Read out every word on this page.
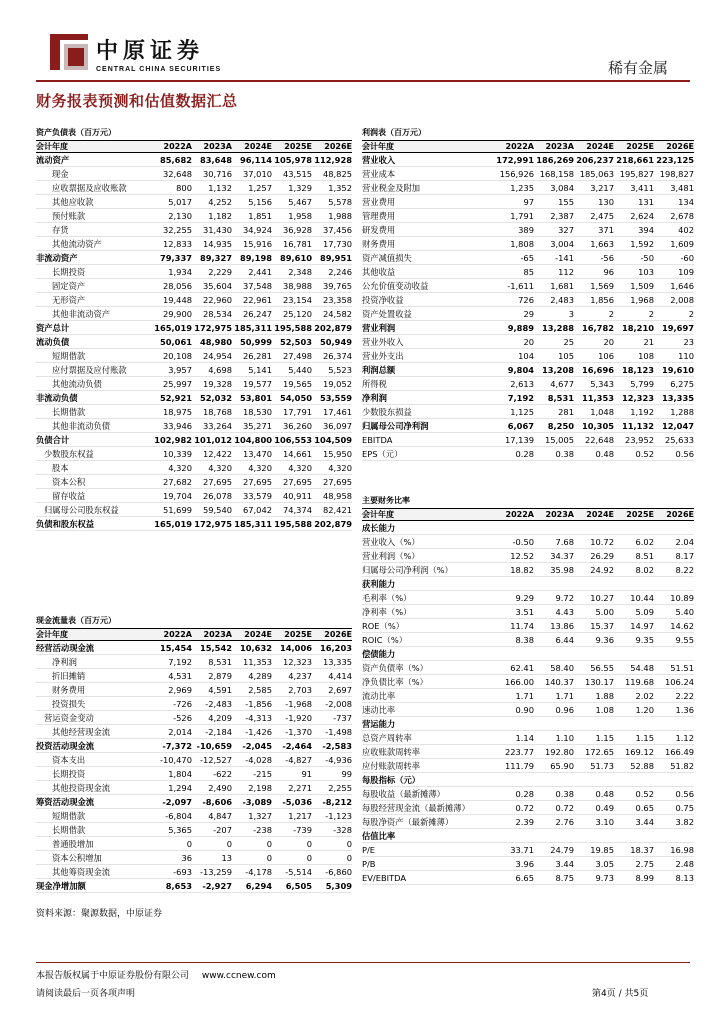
中原证券
CENTRAL CHINA SECURITIES	稀有金属
财务报表预测和估值数据汇总
资产负债表（百万元）
会计年度	2022A	2023A	2024E	2025E	2026E
流动资产	85,682 83,648 96,114 105,978 112,928
现金	32,648	30,716	37,010	43,515	48,825
应收票据及应收账款	800	1,132	1,257	1,329	1,352
其他应收款	5,017	4,252	5,156	5,467	5,578
预付账款	2,130	1,182	1,851	1,958	1,988
存货	32,255	31,430	34,924	36,928	37,456
其他流动资产	12,833	14,935	15,916	16,781	17,730
非流动资产	79,337 89,327 89,198 89,610 89,951
长期投资	1,934	2,229	2,441	2,348	2,246
固定资产	28,056	35,604	37,548	38,988	39,765
无形资产	19,448	22,960	22,961	23,154	23,358
其他非流动资产	29,900	28,534	26,247	25,120	24,582
资产总计	165,019 172,975 185,311 195,588 202,879
流动负债	50,061 48,980 50,999 52,503 50,949
短期借款	20,108	24,954	26,281	27,498	26,374
应付票据及应付账款	3,957	4,698	5,141	5,440	5,523
其他流动负债	25,997	19,328	19,577	19,565	19,052
非流动负债	52,921 52,032 53,801 54,050 53,559
长期借款	18,975	18,768	18,530	17,791	17,461
其他非流动负债	33,946	33,264	35,271	36,260	36,097
负债合计	102,982 101,012 104,800 106,553 104,509
少数股东权益	10,339	12,422	13,470	14,661	15,950
股本	4,320	4,320	4,320	4,320	4,320
资本公积	27,682	27,695	27,695	27,695	27,695
留存收益	19,704	26,078	33,579	40,911	48,958
归属母公司股东权益	51,699	59,540	67,042	74,374	82,421
负债和股东权益	165,019 172,975 185,311 195,588 202,879
利润表（百万元）
会计年度	2022A	2023A	2024E	2025E	2026E
营业收入	172,991 186,269 206,237 218,661 223,125
营业成本	156,926 168,158 185,063 195,827 198,827
营业税金及附加	1,235	3,084	3,217	3,411	3,481
营业费用	97	155	130	131	134
管理费用	1,791	2,387	2,475	2,624	2,678
研发费用	389	327	371	394	402
财务费用	1,808	3,004	1,663	1,592	1,609
资产减值损失	-65	-141	-56	-50	-60
其他收益	85	112	96	103	109
公允价值变动收益	-1,611	1,681	1,569	1,509	1,646
投资净收益	726	2,483	1,856	1,968	2,008
资产处置收益	29	3	2	2	2
营业利润	9,889 13,288 16,782 18,210 19,697
营业外收入	20	25	20	21	23
营业外支出	104	105	106	108	110
利润总额	9,804 13,208 16,696 18,123 19,610
所得税	2,613	4,677	5,343	5,799	6,275
净利润	7,192	8,531 11,353 12,323 13,335
少数股东损益	1,125	281	1,048	1,192	1,288
归属母公司净利润	6,067	8,250 10,305 11,132 12,047
EBITDA	17,139	15,005	22,648	23,952	25,633
EPS（元）	0.28	0.38	0.48	0.52	0.56
主要财务比率
会计年度	2022A	2023A	2024E	2025E	2026E
成长能力
营业收入（%）	-0.50	7.68	10.72	6.02	2.04
营业利润（%）	12.52	34.37	26.29	8.51	8.17
归属母公司净利润（%）	18.82	35.98	24.92	8.02	8.22
获利能力
毛利率（%）	9.29	9.72	10.27	10.44	10.89
净利率（%）	3.51	4.43	5.00	5.09	5.40
ROE（%）	11.74	13.86	15.37	14.97	14.62
ROIC（%）	8.38	6.44	9.36	9.35	9.55
偿债能力
资产负债率（%）	62.41	58.40	56.55	54.48	51.51
净负债比率（%）	166.00	140.37	130.17	119.68	106.24
流动比率	1.71	1.71	1.88	2.02	2.22
速动比率	0.90	0.96	1.08	1.20	1.36
营运能力
总资产周转率	1.14	1.10	1.15	1.15	1.12
应收账款周转率	223.77	192.80	172.65	169.12	166.49
应付账款周转率	111.79	65.90	51.73	52.88	51.82
每股指标（元）
每股收益（最新摊薄）	0.28	0.38	0.48	0.52	0.56
每股经营现金流（最新摊薄）	0.72	0.72	0.49	0.65	0.75
每股净资产（最新摊薄）	2.39	2.76	3.10	3.44	3.82
估值比率
P/E	33.71	24.79	19.85	18.37	16.98
P/B	3.96	3.44	3.05	2.75	2.48
EV/EBITDA	6.65	8.75	9.73	8.99	8.13
现金流量表（百万元）
会计年度	2022A	2023A	2024E	2025E	2026E
经营活动现金流	15,454 15,542 10,632 14,006 16,203
净利润	7,192	8,531	11,353	12,323	13,335
折旧摊销	4,531	2,879	4,289	4,237	4,414
财务费用	2,969	4,591	2,585	2,703	2,697
投资损失	-726	-2,483	-1,856	-1,968	-2,008
营运资金变动	-526	4,209	-4,313	-1,920	-737
其他经营现金流	2,014	-2,184	-1,426	-1,370	-1,498
投资活动现金流	-7,372 -10,659	-2,045	-2,464	-2,583
资本支出	-10,470 -12,527	-4,028	-4,827	-4,936
长期投资	1,804	-622	-215	91	99
其他投资现金流	1,294	2,490	2,198	2,271	2,255
筹资活动现金流	-2,097	-8,606	-3,089	-5,036	-8,212
短期借款	-6,804	4,847	1,327	1,217	-1,123
长期借款	5,365	-207	-238	-739	-328
普通股增加	0	0	0	0	0
资本公积增加	36	13	0	0	0
其他筹资现金流	-693 -13,259	-4,178	-5,514	-6,860
现金净增加额	8,653	-2,927	6,294	6,505	5,309
资料来源：聚源数据，中原证券
本报告版权属于中原证券股份有限公司 www.ccnew.com
请阅读最后一页各项声明	第4页 / 共5页
